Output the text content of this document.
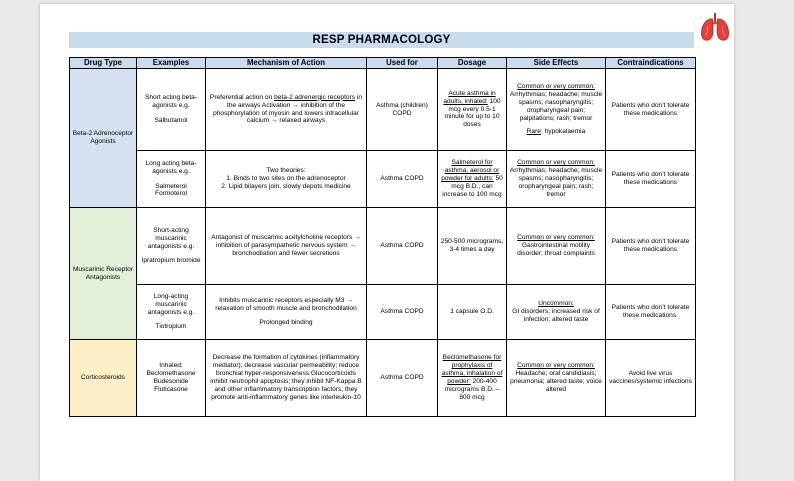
RESP PHARMACOLOGY
Drug Type	Examples	Mechanism of Action	Used for	Dosage	Side Effects	Contraindications
Beta-2 Adrenoceptor Agonists	Short acting beta-agonists e.g.
Salbutamol	Preferential action on beta-2 adrenergic receptors in the airways Activation → inhibition of the phosphorylation of myosin and lowers intracellular calcium → relaxed airways	Asthma (children) COPD	Acute asthma in adults, inhaled: 100 mcg every 0.5-1 minute for up to 10 doses	Common or very common:
Arrhythmias; headache; muscle spasms; nasopharyngitis; oropharyngeal pain; palpitations; rash; tremor
Rare: hypokalaemia	Patients who don’t tolerate these medications

	Long acting beta-agonists e.g.
Salmeterol Formoterol	Two theories:
1. Binds to two sites on the adrenoceptor
2. Lipid bilayers join, slowly depots medicine	Asthma COPD	Salmeterol for asthma, aerosol or powder for adults: 50 mcg B.D., can increase to 100 mcg	Common or very common:
Arrhythmias; headache; muscle spasms; nasopharyngitis; oropharyngeal pain; rash; tremor	Patients who don’t tolerate these medications
Muscarinic Receptor Antagonists	Short-acting muscarinic antagonists e.g.
Ipratropium bromide	Antagonist of muscarinic acetylcholine receptors → inhibition of parasympathetic nervous system → bronchodilation and fewer secretions	Asthma COPD	250-500 micrograms, 3-4 times a day	Common or very common:
Gastrointestinal motility disorder; throat complaints	Patients who don’t tolerate these medications

	Long-acting muscarinic antagonists e.g.
Tiotropium	Inhibits muscarinic receptors especially M3 → relaxation of smooth muscle and bronchodilation
Prolonged binding	Asthma COPD	1 capsule O.D.	Uncommon:
GI disorders; increased risk of infection; altered taste	Patients who don’t tolerate these medications.
Corticosteroids	Inhaled:
Beclomethasone Budesonide Fluticasone	Decrease the formation of cytokines (inflammatory mediator); decrease vascular permeability; reduce bronchial hyper-responsiveness Glucocorticoids inhibit neutrophil apoptosis; they inhibit NF-Kappa B and other inflammatory transcription factors; they promote anti-inflammatory genes like interleukin-10	Asthma COPD	Beclomethasone for prophylaxis of asthma, inhalation of powder: 200-400 micrograms B.D. – 800 mcg	Common or very common:
Headache; oral candidiasis; pneumonia; altered taste; voice altered	Avoid live virus vaccines/systemic infections
